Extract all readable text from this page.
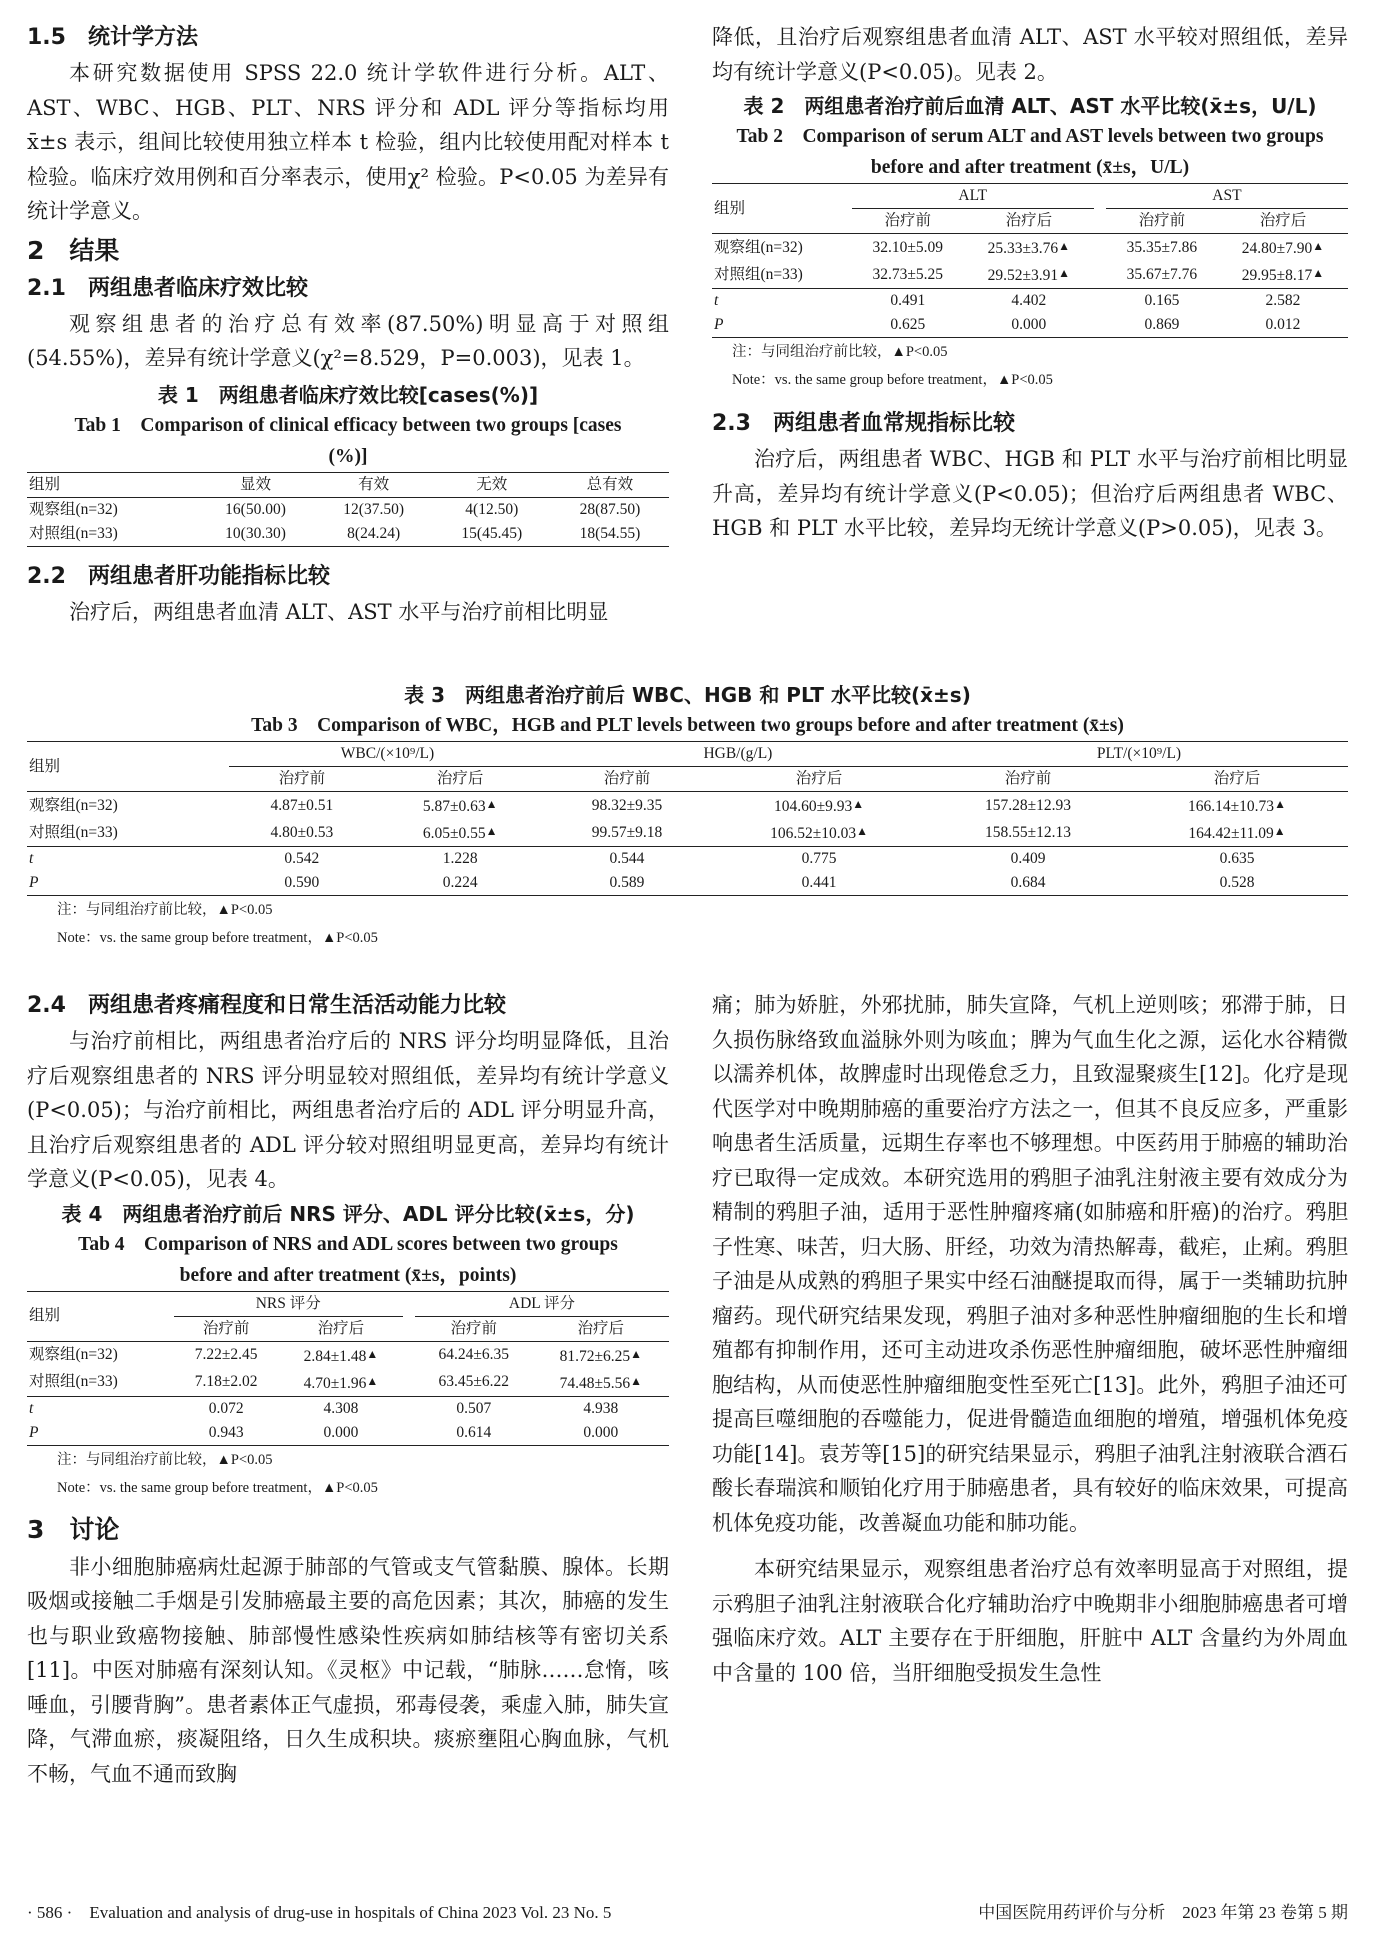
1.5　统计学方法

本研究数据使用 SPSS 22.0 统计学软件进行分析。ALT、AST、WBC、HGB、PLT、NRS 评分和 ADL 评分等指标均用 x̄±s 表示，组间比较使用独立样本 t 检验，组内比较使用配对样本 t 检验。临床疗效用例和百分率表示，使用χ² 检验。P<0.05 为差异有统计学意义。

2　结果
2.1　两组患者临床疗效比较

观察组患者的治疗总有效率(87.50%)明显高于对照组(54.55%)，差异有统计学意义(χ²=8.529，P=0.003)，见表 1。

表 1　两组患者临床疗效比较[cases(%)]
Tab 1　Comparison of clinical efficacy between two groups [cases (%)]
组别	显效	有效	无效	总有效
观察组(n=32)	16(50.00)	12(37.50)	4(12.50)	28(87.50)
对照组(n=33)	10(30.30)	8(24.24)	15(45.45)	18(54.55)
2.2　两组患者肝功能指标比较

治疗后，两组患者血清 ALT、AST 水平与治疗前相比明显

降低，且治疗后观察组患者血清 ALT、AST 水平较对照组低，差异均有统计学意义(P<0.05)。见表 2。

表 2　两组患者治疗前后血清 ALT、AST 水平比较(x̄±s，U/L)
Tab 2　Comparison of serum ALT and AST levels between two groups before and after treatment (x̄±s，U/L)
组别	ALT			AST	
	治疗前	治疗后		治疗前	治疗后
观察组(n=32)	32.10±5.09	25.33±3.76▲		35.35±7.86	24.80±7.90▲
对照组(n=33)	32.73±5.25	29.52±3.91▲		35.67±7.76	29.95±8.17▲
t	0.491	4.402		0.165	2.582
P	0.625	0.000		0.869	0.012
注：与同组治疗前比较，▲P<0.05
Note：vs. the same group before treatment，▲P<0.05
2.3　两组患者血常规指标比较

治疗后，两组患者 WBC、HGB 和 PLT 水平与治疗前相比明显升高，差异均有统计学意义(P<0.05)；但治疗后两组患者 WBC、HGB 和 PLT 水平比较，差异均无统计学意义(P>0.05)，见表 3。

表 3　两组患者治疗前后 WBC、HGB 和 PLT 水平比较(x̄±s)
Tab 3　Comparison of WBC，HGB and PLT levels between two groups before and after treatment (x̄±s)
组别	WBC/(×10⁹/L)		HGB/(g/L)		PLT/(×10⁹/L)	
	治疗前	治疗后	治疗前	治疗后	治疗前	治疗后
观察组(n=32)	4.87±0.51	5.87±0.63▲	98.32±9.35	104.60±9.93▲	157.28±12.93	166.14±10.73▲
对照组(n=33)	4.80±0.53	6.05±0.55▲	99.57±9.18	106.52±10.03▲	158.55±12.13	164.42±11.09▲
t	0.542	1.228	0.544	0.775	0.409	0.635
P	0.590	0.224	0.589	0.441	0.684	0.528
注：与同组治疗前比较，▲P<0.05
Note：vs. the same group before treatment，▲P<0.05
2.4　两组患者疼痛程度和日常生活活动能力比较

与治疗前相比，两组患者治疗后的 NRS 评分均明显降低，且治疗后观察组患者的 NRS 评分明显较对照组低，差异均有统计学意义(P<0.05)；与治疗前相比，两组患者治疗后的 ADL 评分明显升高，且治疗后观察组患者的 ADL 评分较对照组明显更高，差异均有统计学意义(P<0.05)，见表 4。

表 4　两组患者治疗前后 NRS 评分、ADL 评分比较(x̄±s，分)
Tab 4　Comparison of NRS and ADL scores between two groups before and after treatment (x̄±s，points)
组别	NRS 评分			ADL 评分	
	治疗前	治疗后		治疗前	治疗后
观察组(n=32)	7.22±2.45	2.84±1.48▲		64.24±6.35	81.72±6.25▲
对照组(n=33)	7.18±2.02	4.70±1.96▲		63.45±6.22	74.48±5.56▲
t	0.072	4.308		0.507	4.938
P	0.943	0.000		0.614	0.000
注：与同组治疗前比较，▲P<0.05
Note：vs. the same group before treatment，▲P<0.05
3　讨论

非小细胞肺癌病灶起源于肺部的气管或支气管黏膜、腺体。长期吸烟或接触二手烟是引发肺癌最主要的高危因素；其次，肺癌的发生也与职业致癌物接触、肺部慢性感染性疾病如肺结核等有密切关系[11]。中医对肺癌有深刻认知。《灵枢》中记载，“肺脉……怠惰，咳唾血，引腰背胸”。患者素体正气虚损，邪毒侵袭，乘虚入肺，肺失宣降，气滞血瘀，痰凝阻络，日久生成积块。痰瘀壅阻心胸血脉，气机不畅，气血不通而致胸

痛；肺为娇脏，外邪扰肺，肺失宣降，气机上逆则咳；邪滞于肺，日久损伤脉络致血溢脉外则为咳血；脾为气血生化之源，运化水谷精微以濡养机体，故脾虚时出现倦怠乏力，且致湿聚痰生[12]。化疗是现代医学对中晚期肺癌的重要治疗方法之一，但其不良反应多，严重影响患者生活质量，远期生存率也不够理想。中医药用于肺癌的辅助治疗已取得一定成效。本研究选用的鸦胆子油乳注射液主要有效成分为精制的鸦胆子油，适用于恶性肿瘤疼痛(如肺癌和肝癌)的治疗。鸦胆子性寒、味苦，归大肠、肝经，功效为清热解毒，截疟，止痢。鸦胆子油是从成熟的鸦胆子果实中经石油醚提取而得，属于一类辅助抗肿瘤药。现代研究结果发现，鸦胆子油对多种恶性肿瘤细胞的生长和增殖都有抑制作用，还可主动进攻杀伤恶性肿瘤细胞，破坏恶性肿瘤细胞结构，从而使恶性肿瘤细胞变性至死亡[13]。此外，鸦胆子油还可提高巨噬细胞的吞噬能力，促进骨髓造血细胞的增殖，增强机体免疫功能[14]。袁芳等[15]的研究结果显示，鸦胆子油乳注射液联合酒石酸长春瑞滨和顺铂化疗用于肺癌患者，具有较好的临床效果，可提高机体免疫功能，改善凝血功能和肺功能。

本研究结果显示，观察组患者治疗总有效率明显高于对照组，提示鸦胆子油乳注射液联合化疗辅助治疗中晚期非小细胞肺癌患者可增强临床疗效。ALT 主要存在于肝细胞，肝脏中 ALT 含量约为外周血中含量的 100 倍，当肝细胞受损发生急性

· 586 ·　Evaluation and analysis of drug-use in hospitals of China 2023 Vol. 23 No. 5	中国医院用药评价与分析　2023 年第 23 卷第 5 期
